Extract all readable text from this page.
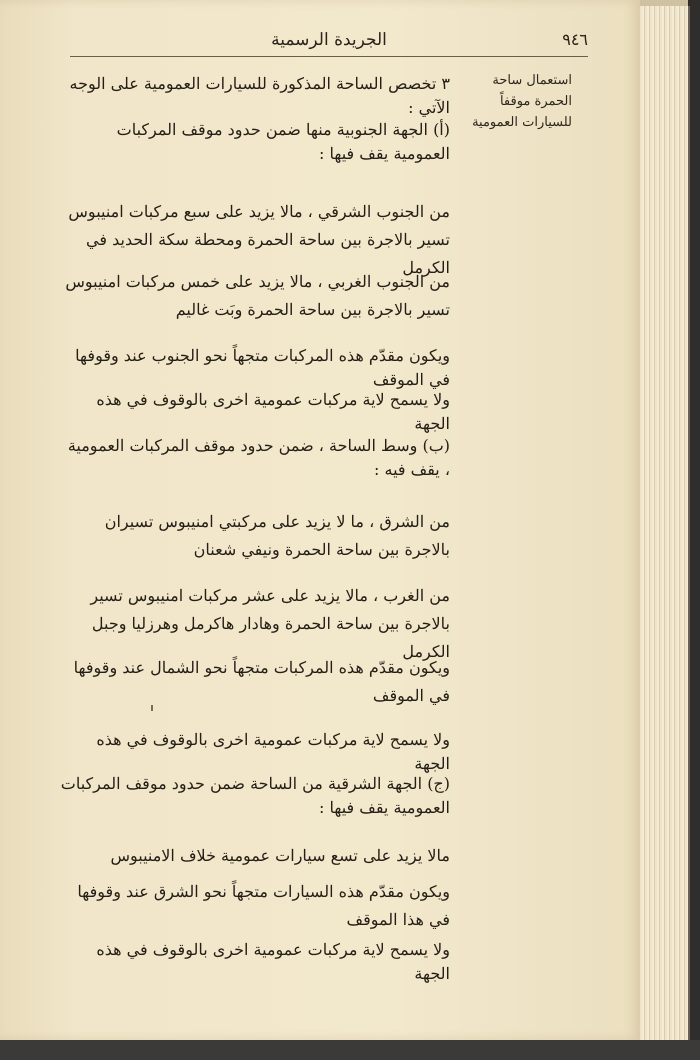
٩٤٦
الجريدة الرسمية
استعمال ساحة الحمرة موقفاً للسيارات العمومية

٣ تخصص الساحة المذكورة للسيارات العمومية على الوجه الآتي :

(أ) الجهة الجنوبية منها ضمن حدود موقف المركبات العمومية يقف فيها :

من الجنوب الشرقي ، مالا يزيد على سبع مركبات امنيبوس تسير بالاجرة بين ساحة الحمرة ومحطة سكة الحديد في الكرمل

من الجنوب الغربي ، مالا يزيد على خمس مركبات امنيبوس تسير بالاجرة بين ساحة الحمرة وبَت غاليم

ويكون مقدّم هذه المركبات متجهاً نحو الجنوب عند وقوفها في الموقف

ولا يسمح لاية مركبات عمومية اخرى بالوقوف في هذه الجهة

(ب) وسط الساحة ، ضمن حدود موقف المركبات العمومية ، يقف فيه :

من الشرق ، ما لا يزيد على مركبتي امنيبوس تسيران بالاجرة بين ساحة الحمرة ونيفي شعنان

من الغرب ، مالا يزيد على عشر مركبات امنيبوس تسير بالاجرة بين ساحة الحمرة وهادار هاكرمل وهرزليا وجبل الكرمل

ويكون مقدّم هذه المركبات متجهاً نحو الشمال عند وقوفها في الموقف

ولا يسمح لاية مركبات عمومية اخرى بالوقوف في هذه الجهة

(ج) الجهة الشرقية من الساحة ضمن حدود موقف المركبات العمومية يقف فيها :

مالا يزيد على تسع سيارات عمومية خلاف الامنيبوس

ويكون مقدّم هذه السيارات متجهاً نحو الشرق عند وقوفها في هذا الموقف

ولا يسمح لاية مركبات عمومية اخرى بالوقوف في هذه الجهة
